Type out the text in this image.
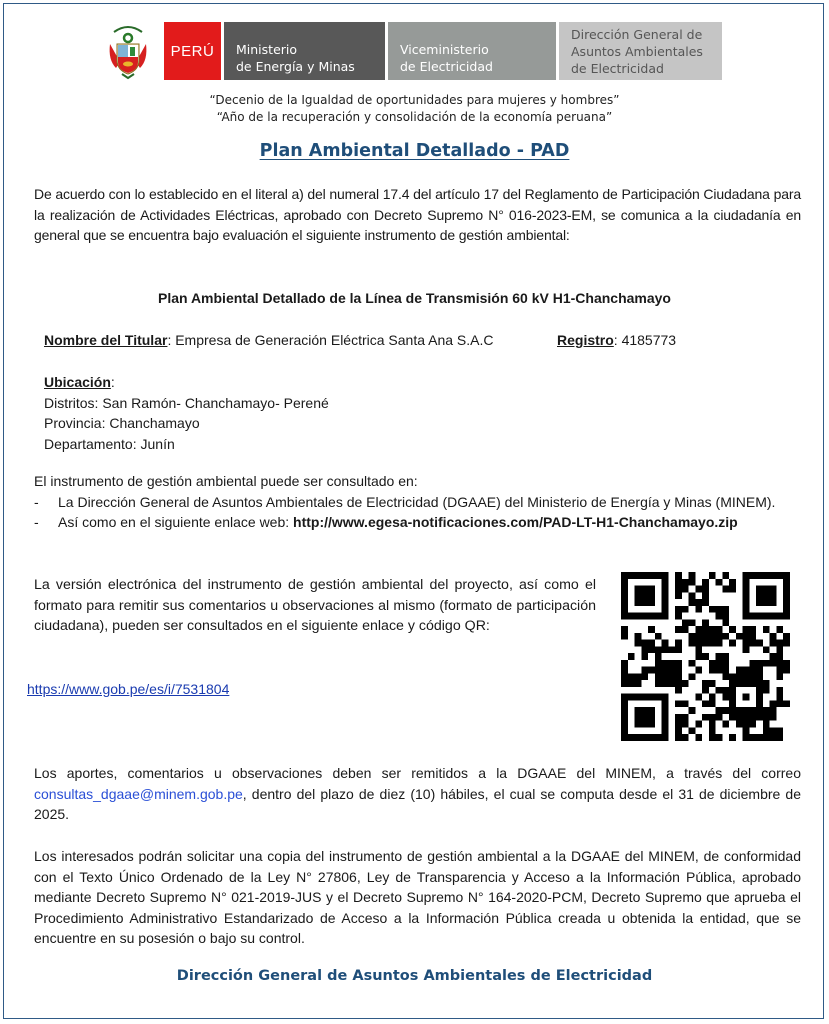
PERÚ Ministerio
de Energía y Minas
Viceministerio
de Electricidad
Dirección General de
Asuntos Ambientales
de Electricidad
“Decenio de la Igualdad de oportunidades para mujeres y hombres”
“Año de la recuperación y consolidación de la economía peruana”
Plan Ambiental Detallado - PAD
De acuerdo con lo establecido en el literal a) del numeral 17.4 del artículo 17 del Reglamento de Participación Ciudadana para la realización de Actividades Eléctricas, aprobado con Decreto Supremo N° 016-2023-EM, se comunica a la ciudadanía en general que se encuentra bajo evaluación el siguiente instrumento de gestión ambiental:
Plan Ambiental Detallado de la Línea de Transmisión 60 kV H1-Chanchamayo
Nombre del Titular: Empresa de Generación Eléctrica Santa Ana S.A.C	Registro: 4185773
Ubicación:
Distritos: San Ramón- Chanchamayo- Perené
Provincia: Chanchamayo
Departamento: Junín
El instrumento de gestión ambiental puede ser consultado en:
-	La Dirección General de Asuntos Ambientales de Electricidad (DGAAE) del Ministerio de Energía y Minas (MINEM).
-	Así como en el siguiente enlace web: http://www.egesa-notificaciones.com/PAD-LT-H1-Chanchamayo.zip
La versión electrónica del instrumento de gestión ambiental del proyecto, así como el formato para remitir sus comentarios u observaciones al mismo (formato de participación ciudadana), pueden ser consultados en el siguiente enlace y código QR:
https://www.gob.pe/es/i/7531804
Los aportes, comentarios u observaciones deben ser remitidos a la DGAAE del MINEM, a través del correo consultas_dgaae@minem.gob.pe, dentro del plazo de diez (10) hábiles, el cual se computa desde el 31 de diciembre de 2025.
Los interesados podrán solicitar una copia del instrumento de gestión ambiental a la DGAAE del MINEM, de conformidad con el Texto Único Ordenado de la Ley N° 27806, Ley de Transparencia y Acceso a la Información Pública, aprobado mediante Decreto Supremo N° 021-2019-JUS y el Decreto Supremo N° 164-2020-PCM, Decreto Supremo que aprueba el Procedimiento Administrativo Estandarizado de Acceso a la Información Pública creada u obtenida la entidad, que se encuentre en su posesión o bajo su control.
Dirección General de Asuntos Ambientales de Electricidad
